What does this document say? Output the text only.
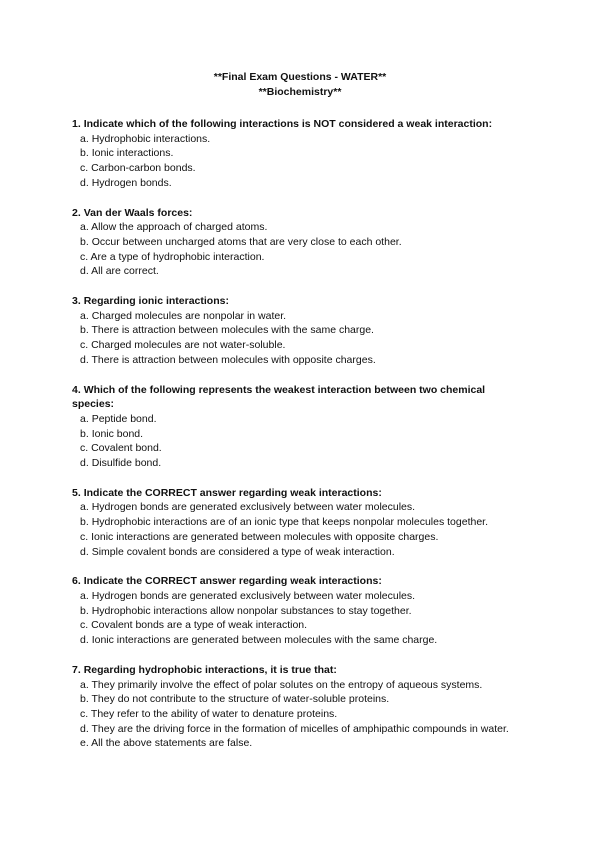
**Final Exam Questions - WATER**
**Biochemistry**
1. Indicate which of the following interactions is NOT considered a weak interaction:
a. Hydrophobic interactions.
b. Ionic interactions.
c. Carbon-carbon bonds.
d. Hydrogen bonds.
2. Van der Waals forces:
a. Allow the approach of charged atoms.
b. Occur between uncharged atoms that are very close to each other.
c. Are a type of hydrophobic interaction.
d. All are correct.
3. Regarding ionic interactions:
a. Charged molecules are nonpolar in water.
b. There is attraction between molecules with the same charge.
c. Charged molecules are not water-soluble.
d. There is attraction between molecules with opposite charges.
4. Which of the following represents the weakest interaction between two chemical species:
a. Peptide bond.
b. Ionic bond.
c. Covalent bond.
d. Disulfide bond.
5. Indicate the CORRECT answer regarding weak interactions:
a. Hydrogen bonds are generated exclusively between water molecules.
b. Hydrophobic interactions are of an ionic type that keeps nonpolar molecules together.
c. Ionic interactions are generated between molecules with opposite charges.
d. Simple covalent bonds are considered a type of weak interaction.
6. Indicate the CORRECT answer regarding weak interactions:
a. Hydrogen bonds are generated exclusively between water molecules.
b. Hydrophobic interactions allow nonpolar substances to stay together.
c. Covalent bonds are a type of weak interaction.
d. Ionic interactions are generated between molecules with the same charge.
7. Regarding hydrophobic interactions, it is true that:
a. They primarily involve the effect of polar solutes on the entropy of aqueous systems.
b. They do not contribute to the structure of water-soluble proteins.
c. They refer to the ability of water to denature proteins.
d. They are the driving force in the formation of micelles of amphipathic compounds in water.
e. All the above statements are false.
